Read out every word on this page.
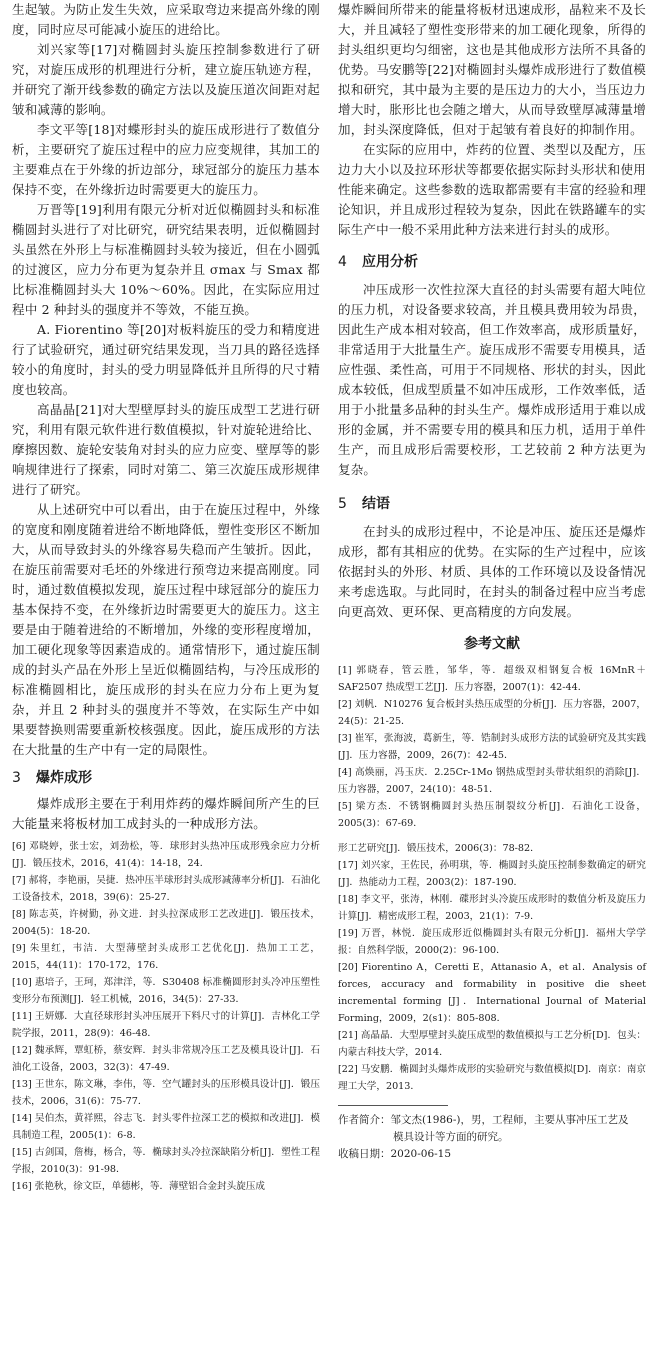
生起皱。为防止发生失效，应采取弯边来提高外缘的刚度，同时应尽可能减小旋压的进给比。

刘兴家等[17]对椭圆封头旋压控制参数进行了研究，对旋压成形的机理进行分析，建立旋压轨迹方程，并研究了渐开线参数的确定方法以及旋压道次间距对起皱和减薄的影响。

李文平等[18]对蝶形封头的旋压成形进行了数值分析，主要研究了旋压过程中的应力应变规律，其加工的主要难点在于外缘的折边部分，球冠部分的旋压力基本保持不变，在外缘折边时需要更大的旋压力。

万晋等[19]利用有限元分析对近似椭圆封头和标准椭圆封头进行了对比研究，研究结果表明，近似椭圆封头虽然在外形上与标准椭圆封头较为接近，但在小圆弧的过渡区，应力分布更为复杂并且 σmax 与 Smax 都比标准椭圆封头大 10%～60%。因此，在实际应用过程中 2 种封头的强度并不等效，不能互换。

A. Fiorentino 等[20]对板料旋压的受力和精度进行了试验研究，通过研究结果发现，当刀具的路径选择较小的角度时，封头的受力明显降低并且所得的尺寸精度也较高。

高晶晶[21]对大型壁厚封头的旋压成型工艺进行研究，利用有限元软件进行数值模拟，针对旋轮进给比、摩擦因数、旋轮安装角对封头的应力应变、壁厚等的影响规律进行了探索，同时对第二、第三次旋压成形规律进行了研究。

从上述研究中可以看出，由于在旋压过程中，外缘的宽度和刚度随着进给不断地降低，塑性变形区不断加大，从而导致封头的外缘容易失稳而产生皱折。因此，在旋压前需要对毛坯的外缘进行预弯边来提高刚度。同时，通过数值模拟发现，旋压过程中球冠部分的旋压力基本保持不变，在外缘折边时需要更大的旋压力。这主要是由于随着进给的不断增加，外缘的变形程度增加，加工硬化现象等因素造成的。通常情形下，通过旋压制成的封头产品在外形上呈近似椭圆结构，与冷压成形的标准椭圆相比，旋压成形的封头在应力分布上更为复杂，并且 2 种封头的强度并不等效，在实际生产中如果要替换则需要重新校核强度。因此，旋压成形的方法在大批量的生产中有一定的局限性。

3 爆炸成形

爆炸成形主要在于利用炸药的爆炸瞬间所产生的巨大能量来将板材加工成封头的一种成形方法。

[6] 邓晓婷，张士宏，刘劲松，等．球形封头热冲压成形残余应力分析[J]．锻压技术，2016，41(4)：14-18，24．
[7] 郝将，李艳丽，吴捷．热冲压半球形封头成形减薄率分析[J]．石油化工设备技术，2018，39(6)：25-27．
[8] 陈志英，许树勤，孙文进．封头拉深成形工艺改进[J]．锻压技术，2004(5)：18-20．
[9] 朱里红，韦洁．大型薄壁封头成形工艺优化[J]．热加工工艺，2015，44(11)：170-172，176．
[10] 惠培子，王珂，郑津洋，等．S30408 标准椭圆形封头冷冲压塑性变形分布预测[J]．轻工机械，2016，34(5)：27-33．
[11] 王妍娜．大直径球形封头冲压展开下料尺寸的计算[J]．吉林化工学院学报，2011，28(9)：46-48．
[12] 魏承辉，覃虹桥，蔡安辉．封头非常规冷压工艺及模具设计[J]．石油化工设备，2003，32(3)：47-49．
[13] 王世东，陈文琳，李伟，等．空气罐封头的压形模具设计[J]．锻压技术，2006，31(6)：75-77．
[14] 吴伯杰，黄祥熙，谷志飞．封头零件拉深工艺的模拟和改进[J]．模具制造工程，2005(1)：6-8．
[15] 古剑国，詹梅，杨合，等．椭球封头冷拉深缺陷分析[J]．塑性工程学报，2010(3)：91-98．
[16] 张艳秋，徐文臣，单德彬，等．薄壁铝合金封头旋压成

爆炸瞬间所带来的能量将板材迅速成形，晶粒来不及长大，并且减轻了塑性变形带来的加工硬化现象，所得的封头组织更均匀细密，这也是其他成形方法所不具备的优势。马安鹏等[22]对椭圆封头爆炸成形进行了数值模拟和研究，其中最为主要的是压边力的大小，当压边力增大时，胀形比也会随之增大，从而导致壁厚减薄量增加，封头深度降低，但对于起皱有着良好的抑制作用。

在实际的应用中，炸药的位置、类型以及配方，压边力大小以及拉环形状等都要依据实际封头形状和使用性能来确定。这些参数的选取都需要有丰富的经验和理论知识，并且成形过程较为复杂，因此在铁路罐车的实际生产中一般不采用此种方法来进行封头的成形。

4 应用分析

冲压成形一次性拉深大直径的封头需要有超大吨位的压力机，对设备要求较高，并且模具费用较为昂贵，因此生产成本相对较高，但工作效率高，成形质量好，非常适用于大批量生产。旋压成形不需要专用模具，适应性强、柔性高，可用于不同规格、形状的封头，因此成本较低，但成型质量不如冲压成形，工作效率低，适用于小批量多品种的封头生产。爆炸成形适用于难以成形的金属，并不需要专用的模具和压力机，适用于单件生产，而且成形后需要校形，工艺较前 2 种方法更为复杂。

5 结语

在封头的成形过程中，不论是冲压、旋压还是爆炸成形，都有其相应的优势。在实际的生产过程中，应该依据封头的外形、材质、具体的工作环境以及设备情况来考虑选取。与此同时，在封头的制备过程中应当考虑向更高效、更环保、更高精度的方向发展。

参考文献
[1] 郭晓春，管云胜，邹华，等．超级双相钢复合板 16MnR＋SAF2507 热成型工艺[J]．压力容器，2007(1)：42-44．
[2] 刘帆．N10276 复合板封头热压成型的分析[J]．压力容器，2007，24(5)：21-25．
[3] 崔军，张海波，葛新生，等．锆制封头成形方法的试验研究及其实践[J]．压力容器，2009，26(7)：42-45．
[4] 高焕丽，冯玉庆．2.25Cr-1Mo 钢热成型封头带状组织的消除[J]．压力容器，2007，24(10)：48-51．
[5] 梁方杰．不锈钢椭圆封头热压制裂纹分析[J]．石油化工设备，2005(3)：67-69．
形工艺研究[J]．锻压技术，2006(3)：78-82．
[17] 刘兴家，王佐民，孙明琪，等．椭圆封头旋压控制参数确定的研究[J]．热能动力工程，2003(2)：187-190．
[18] 李文平，张涛，林刚．碟形封头冷旋压成形时的数值分析及旋压力计算[J]．精密成形工程，2003，21(1)：7-9．
[19] 万晋，林悦．旋压成形近似椭圆封头有限元分析[J]．福州大学学报：自然科学版，2000(2)：96-100．
[20] Fiorentino A，Ceretti E，Attanasio A，et al．Analysis of forces, accuracy and formability in positive die sheet incremental forming [J]．International Journal of Material Forming，2009，2(s1)：805-808．
[21] 高晶晶．大型厚壁封头旋压成型的数值模拟与工艺分析[D]．包头：内蒙古科技大学，2014．
[22] 马安鹏．椭圆封头爆炸成形的实验研究与数值模拟[D]．南京：南京理工大学，2013．

作者简介：邹文杰(1986-)，男，工程师，主要从事冲压工艺及

模具设计等方面的研究。

收稿日期：2020-06-15
